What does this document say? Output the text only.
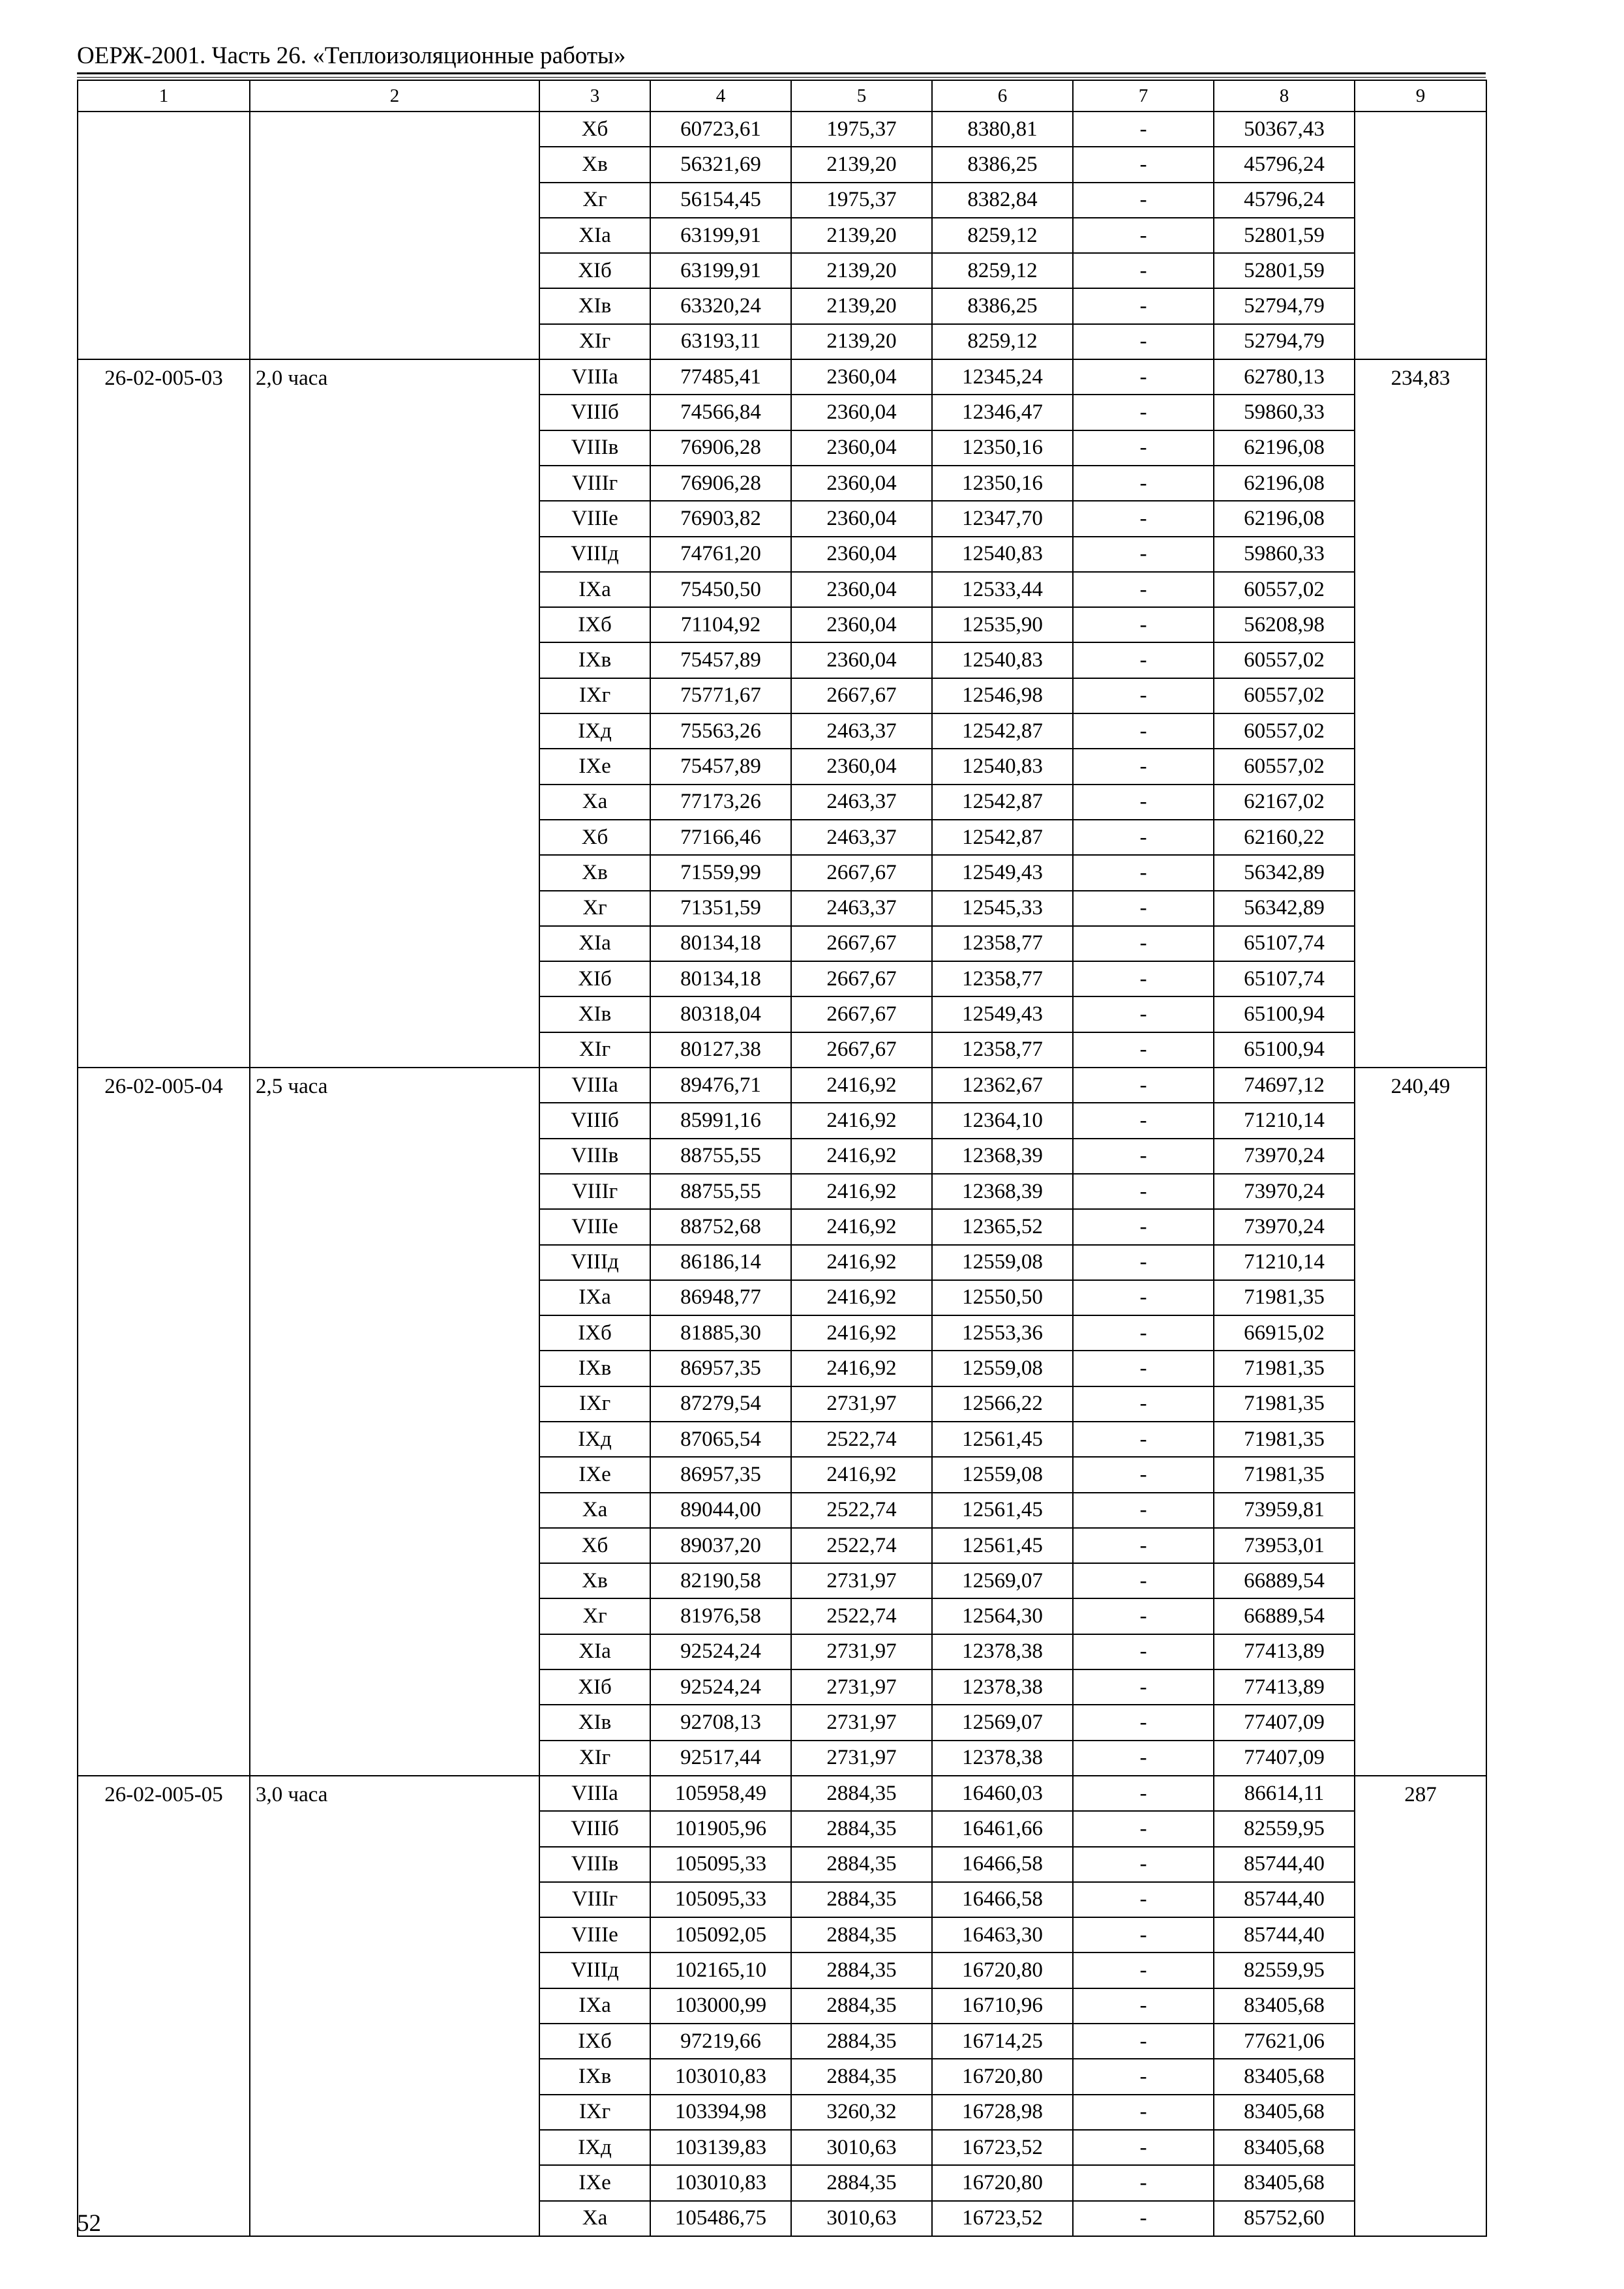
ОЕРЖ-2001. Часть 26. «Теплоизоляционные работы»
1	2	3	4	5	6	7	8	9
		Хб	60723,61	1975,37	8380,81	-	50367,43	
		Хв	56321,69	2139,20	8386,25	-	45796,24	
		Хг	56154,45	1975,37	8382,84	-	45796,24	
		XIa	63199,91	2139,20	8259,12	-	52801,59	
		XIб	63199,91	2139,20	8259,12	-	52801,59	
		XIв	63320,24	2139,20	8386,25	-	52794,79	
		XIг	63193,11	2139,20	8259,12	-	52794,79	
26-02-005-03	2,0 часа	VIIIa	77485,41	2360,04	12345,24	-	62780,13	234,83
		VIIIб	74566,84	2360,04	12346,47	-	59860,33	
		VIIIв	76906,28	2360,04	12350,16	-	62196,08	
		VIIIг	76906,28	2360,04	12350,16	-	62196,08	
		VIIIе	76903,82	2360,04	12347,70	-	62196,08	
		VIIIд	74761,20	2360,04	12540,83	-	59860,33	
		IXa	75450,50	2360,04	12533,44	-	60557,02	
		IXб	71104,92	2360,04	12535,90	-	56208,98	
		IXв	75457,89	2360,04	12540,83	-	60557,02	
		IXг	75771,67	2667,67	12546,98	-	60557,02	
		IXд	75563,26	2463,37	12542,87	-	60557,02	
		IXе	75457,89	2360,04	12540,83	-	60557,02	
		Xa	77173,26	2463,37	12542,87	-	62167,02	
		Хб	77166,46	2463,37	12542,87	-	62160,22	
		Хв	71559,99	2667,67	12549,43	-	56342,89	
		Хг	71351,59	2463,37	12545,33	-	56342,89	
		XIa	80134,18	2667,67	12358,77	-	65107,74	
		XIб	80134,18	2667,67	12358,77	-	65107,74	
		XIв	80318,04	2667,67	12549,43	-	65100,94	
		XIг	80127,38	2667,67	12358,77	-	65100,94	
26-02-005-04	2,5 часа	VIIIa	89476,71	2416,92	12362,67	-	74697,12	240,49
		VIIIб	85991,16	2416,92	12364,10	-	71210,14	
		VIIIв	88755,55	2416,92	12368,39	-	73970,24	
		VIIIг	88755,55	2416,92	12368,39	-	73970,24	
		VIIIе	88752,68	2416,92	12365,52	-	73970,24	
		VIIIд	86186,14	2416,92	12559,08	-	71210,14	
		IXa	86948,77	2416,92	12550,50	-	71981,35	
		IXб	81885,30	2416,92	12553,36	-	66915,02	
		IXв	86957,35	2416,92	12559,08	-	71981,35	
		IXг	87279,54	2731,97	12566,22	-	71981,35	
		IXд	87065,54	2522,74	12561,45	-	71981,35	
		IXе	86957,35	2416,92	12559,08	-	71981,35	
		Xa	89044,00	2522,74	12561,45	-	73959,81	
		Хб	89037,20	2522,74	12561,45	-	73953,01	
		Хв	82190,58	2731,97	12569,07	-	66889,54	
		Хг	81976,58	2522,74	12564,30	-	66889,54	
		XIa	92524,24	2731,97	12378,38	-	77413,89	
		XIб	92524,24	2731,97	12378,38	-	77413,89	
		XIв	92708,13	2731,97	12569,07	-	77407,09	
		XIг	92517,44	2731,97	12378,38	-	77407,09	
26-02-005-05	3,0 часа	VIIIa	105958,49	2884,35	16460,03	-	86614,11	287
		VIIIб	101905,96	2884,35	16461,66	-	82559,95	
		VIIIв	105095,33	2884,35	16466,58	-	85744,40	
		VIIIг	105095,33	2884,35	16466,58	-	85744,40	
		VIIIе	105092,05	2884,35	16463,30	-	85744,40	
		VIIIд	102165,10	2884,35	16720,80	-	82559,95	
		IXa	103000,99	2884,35	16710,96	-	83405,68	
		IXб	97219,66	2884,35	16714,25	-	77621,06	
		IXв	103010,83	2884,35	16720,80	-	83405,68	
		IXг	103394,98	3260,32	16728,98	-	83405,68	
		IXд	103139,83	3010,63	16723,52	-	83405,68	
		IXе	103010,83	2884,35	16720,80	-	83405,68	
		Xa	105486,75	3010,63	16723,52	-	85752,60	
52
